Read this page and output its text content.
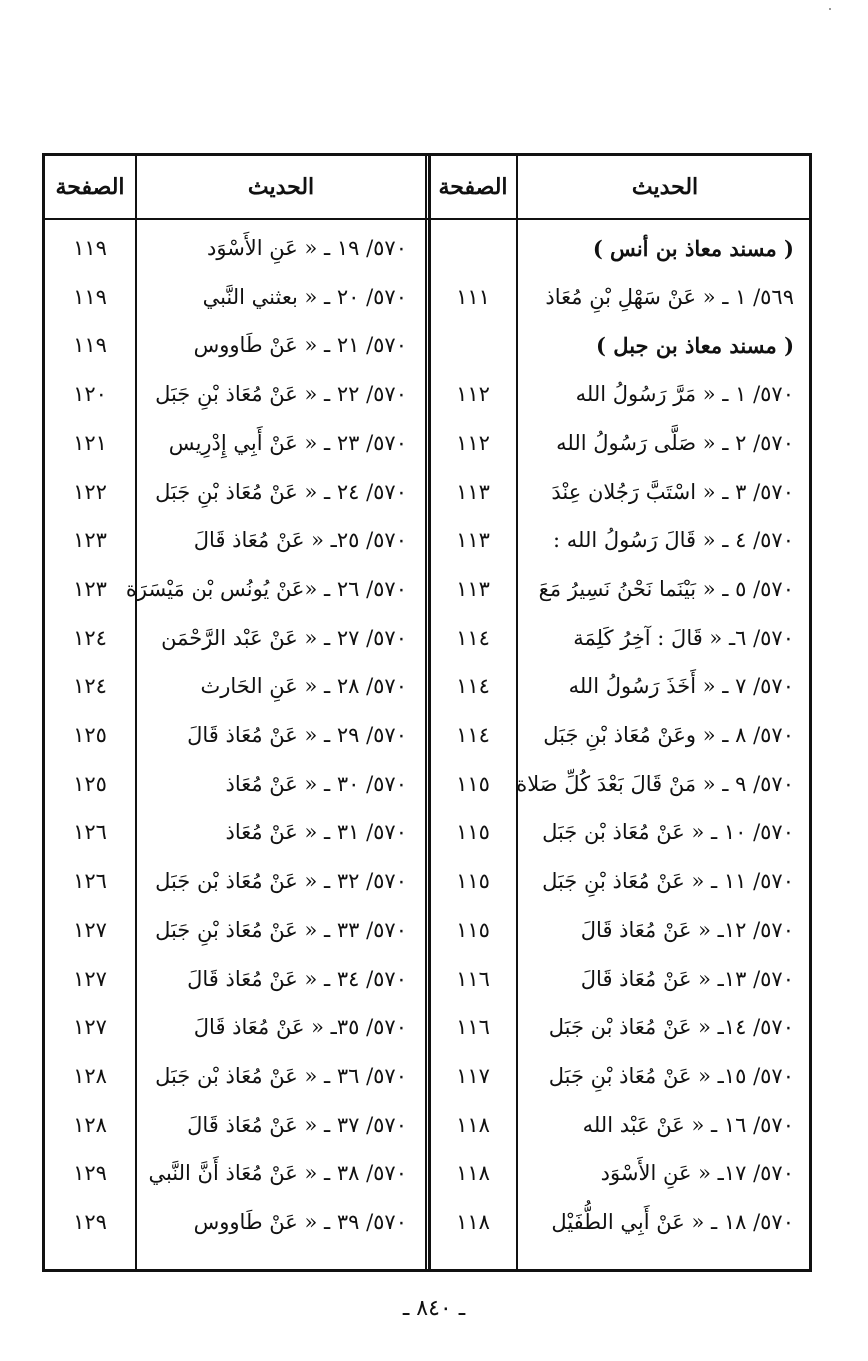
الحديث
الصفحة
الحديث
الصفحة
( مسند معاذ بن أنس )
٥٦٩/ ١ ـ « عَنْ سَهْلِ بْنِ مُعَاذ
١١١
( مسند معاذ بن جبل )
٥٧٠/ ١ ـ « مَرَّ رَسُولُ الله
١١٢
٥٧٠/ ٢ ـ « صَلَّى رَسُولُ الله
١١٢
٥٧٠/ ٣ ـ « اسْتَبَّ رَجُلان عِنْدَ
١١٣
٥٧٠/ ٤ ـ « قَالَ رَسُولُ الله :
١١٣
٥٧٠/ ٥ ـ « بَيْنَما نَحْنُ نَسِيرُ مَعَ
١١٣
٥٧٠/ ٦ـ « قَالَ : آخِرُ كَلِمَة
١١٤
٥٧٠/ ٧ ـ « أَخَذَ رَسُولُ الله
١١٤
٥٧٠/ ٨ ـ « وعَنْ مُعَاذ بْنِ جَبَل
١١٤
٥٧٠/ ٩ ـ « مَنْ قَالَ بَعْدَ كُلِّ صَلاة
١١٥
٥٧٠/ ١٠ ـ « عَنْ مُعَاذ بْن جَبَل
١١٥
٥٧٠/ ١١ ـ « عَنْ مُعَاذ بْنِ جَبَل
١١٥
٥٧٠/ ١٢ـ « عَنْ مُعَاذ قَالَ
١١٥
٥٧٠/ ١٣ـ « عَنْ مُعَاذ قَالَ
١١٦
٥٧٠/ ١٤ـ « عَنْ مُعَاذ بْن جَبَل
١١٦
٥٧٠/ ١٥ـ « عَنْ مُعَاذ بْنِ جَبَل
١١٧
٥٧٠/ ١٦ ـ « عَنْ عَبْد الله
١١٨
٥٧٠/ ١٧ـ « عَنِ الأَسْوَد
١١٨
٥٧٠/ ١٨ ـ « عَنْ أَبِي الطُّفَيْل
١١٨
٥٧٠/ ١٩ ـ « عَنِ الأَسْوَد
١١٩
٥٧٠/ ٢٠ ـ « بعثني النَّبي
١١٩
٥٧٠/ ٢١ ـ « عَنْ طَاووس
١١٩
٥٧٠/ ٢٢ ـ « عَنْ مُعَاذ بْنِ جَبَل
١٢٠
٥٧٠/ ٢٣ ـ « عَنْ أَبِي إِدْرِيس
١٢١
٥٧٠/ ٢٤ ـ « عَنْ مُعَاذ بْنِ جَبَل
١٢٢
٥٧٠/ ٢٥ـ « عَنْ مُعَاذ قَالَ
١٢٣
٥٧٠/ ٢٦ ـ «عَنْ يُونُس بْن مَيْسَرَة
١٢٣
٥٧٠/ ٢٧ ـ « عَنْ عَبْد الرَّحْمَن
١٢٤
٥٧٠/ ٢٨ ـ « عَنِ الحَارث
١٢٤
٥٧٠/ ٢٩ ـ « عَنْ مُعَاذ قَالَ
١٢٥
٥٧٠/ ٣٠ ـ « عَنْ مُعَاذ
١٢٥
٥٧٠/ ٣١ ـ « عَنْ مُعَاذ
١٢٦
٥٧٠/ ٣٢ ـ « عَنْ مُعَاذ بْن جَبَل
١٢٦
٥٧٠/ ٣٣ ـ « عَنْ مُعَاذ بْنِ جَبَل
١٢٧
٥٧٠/ ٣٤ ـ « عَنْ مُعَاذ قَالَ
١٢٧
٥٧٠/ ٣٥ـ « عَنْ مُعَاذ قَالَ
١٢٧
٥٧٠/ ٣٦ ـ « عَنْ مُعَاذ بْن جَبَل
١٢٨
٥٧٠/ ٣٧ ـ « عَنْ مُعَاذ قَالَ
١٢٨
٥٧٠/ ٣٨ ـ « عَنْ مُعَاذ أَنَّ النَّبي
١٢٩
٥٧٠/ ٣٩ ـ « عَنْ طَاووس
١٢٩
ـ ٨٤٠ ـ
